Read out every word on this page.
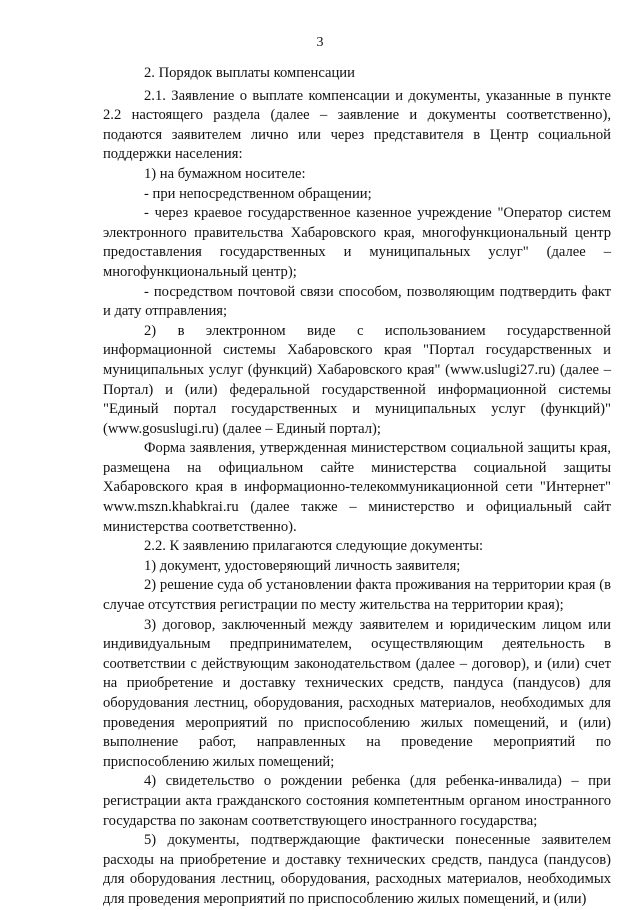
3

2. Порядок выплаты компенсации

2.1. Заявление о выплате компенсации и документы, указанные в пункте 2.2 настоящего раздела (далее – заявление и документы соответственно), подаются заявителем лично или через представителя в Центр социальной поддержки населения:

1) на бумажном носителе:

- при непосредственном обращении;

- через краевое государственное казенное учреждение "Оператор систем электронного правительства Хабаровского края, многофункциональный центр предоставления государственных и муниципальных услуг" (далее – многофункциональный центр);

- посредством почтовой связи способом, позволяющим подтвердить факт и дату отправления;

2) в электронном виде с использованием государственной информационной системы Хабаровского края "Портал государственных и муниципальных услуг (функций) Хабаровского края" (www.uslugi27.ru) (далее – Портал) и (или) федеральной государственной информационной системы "Единый портал государственных и муниципальных услуг (функций)" (www.gosuslugi.ru) (далее – Единый портал);

Форма заявления, утвержденная министерством социальной защиты края, размещена на официальном сайте министерства социальной защиты Хабаровского края в информационно-телекоммуникационной сети "Интернет" www.mszn.khabkrai.ru (далее также – министерство и официальный сайт министерства соответственно).

2.2. К заявлению прилагаются следующие документы:

1) документ, удостоверяющий личность заявителя;

2) решение суда об установлении факта проживания на территории края (в случае отсутствия регистрации по месту жительства на территории края);

3) договор, заключенный между заявителем и юридическим лицом или индивидуальным предпринимателем, осуществляющим деятельность в соответствии с действующим законодательством (далее – договор), и (или) счет на приобретение и доставку технических средств, пандуса (пандусов) для оборудования лестниц, оборудования, расходных материалов, необходимых для проведения мероприятий по приспособлению жилых помещений, и (или) выполнение работ, направленных на проведение мероприятий по приспособлению жилых помещений;

4) свидетельство о рождении ребенка (для ребенка-инвалида) – при регистрации акта гражданского состояния компетентным органом иностранного государства по законам соответствующего иностранного государства;

5) документы, подтверждающие фактически понесенные заявителем расходы на приобретение и доставку технических средств, пандуса (пандусов) для оборудования лестниц, оборудования, расходных материалов, необходимых для проведения мероприятий по приспособлению жилых помещений, и (или)
